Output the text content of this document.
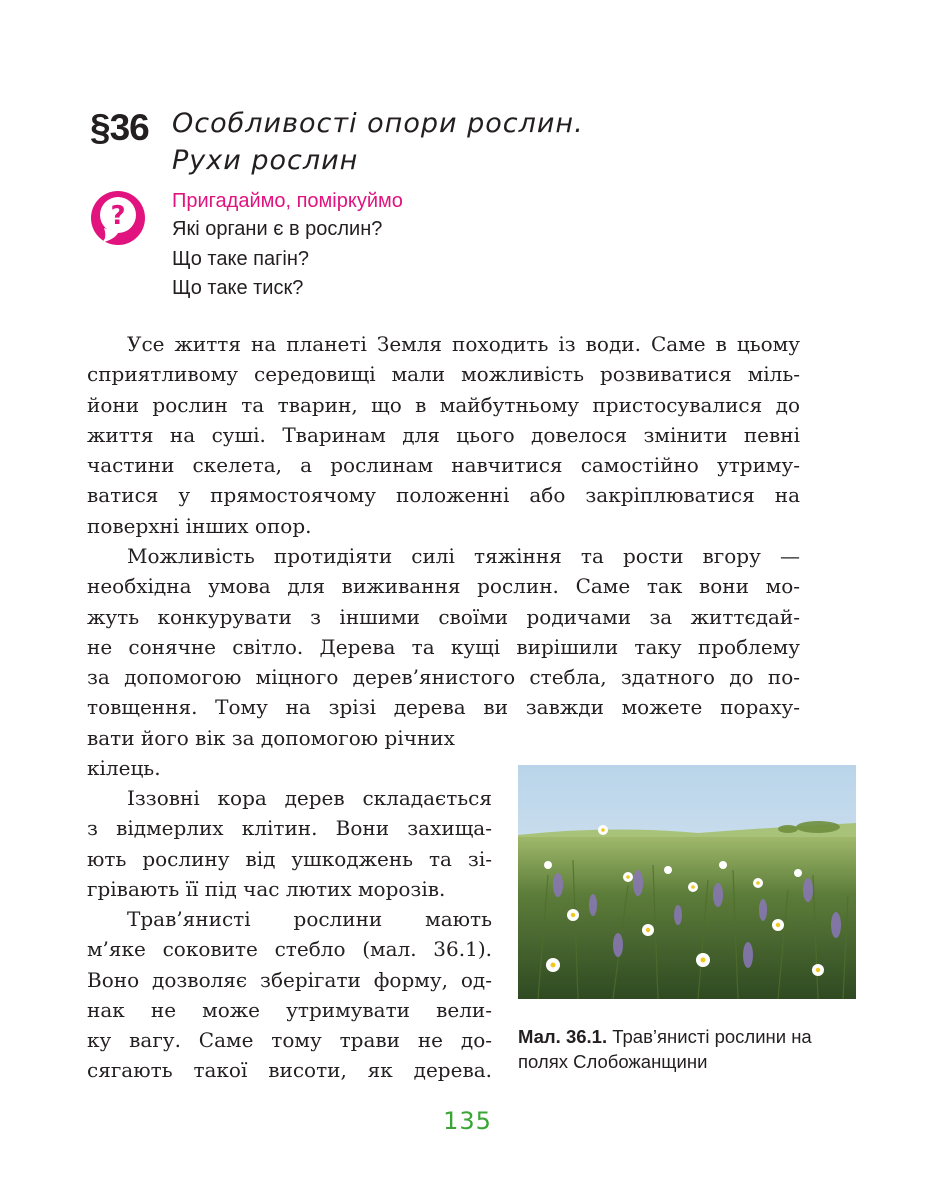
§36 Особливості опори рослин.
Рухи рослин
? Пригадаймо, поміркуймо
Які органи є в рослин?
Що таке пагін?
Що таке тиск?
Усе життя на планеті Земля походить із води. Саме в цьому
сприятливому середовищі мали можливість розвиватися міль-
йони рослин та тварин, що в майбутньому пристосувалися до
життя на суші. Тваринам для цього довелося змінити певні
частини скелета, а рослинам навчитися самостійно утриму-
ватися у прямостоячому положенні або закріплюватися на
поверхні інших опор.
Можливість протидіяти силі тяжіння та рости вгору —
необхідна умова для виживання рослин. Саме так вони мо-
жуть конкурувати з іншими своїми родичами за життєдай-
не сонячне світло. Дерева та кущі вирішили таку проблему
за допомогою міцного дерев’янистого стебла, здатного до по-
товщення. Тому на зрізі дерева ви завжди можете пораху-
вати його вік за допомогою річних
кілець.
Іззовні кора дерев складається
з відмерлих клітин. Вони захища-
ють рослину від ушкоджень та зі-
грівають її під час лютих морозів.
Трав’янисті рослини мають
м’яке соковите стебло (мал. 36.1).
Воно дозволяє зберігати форму, од-
нак не може утримувати вели-
ку вагу. Саме тому трави не до-
сягають такої висоти, як дерева.
Мал. 36.1. Трав’янисті рослини на
полях Слобожанщини
135
